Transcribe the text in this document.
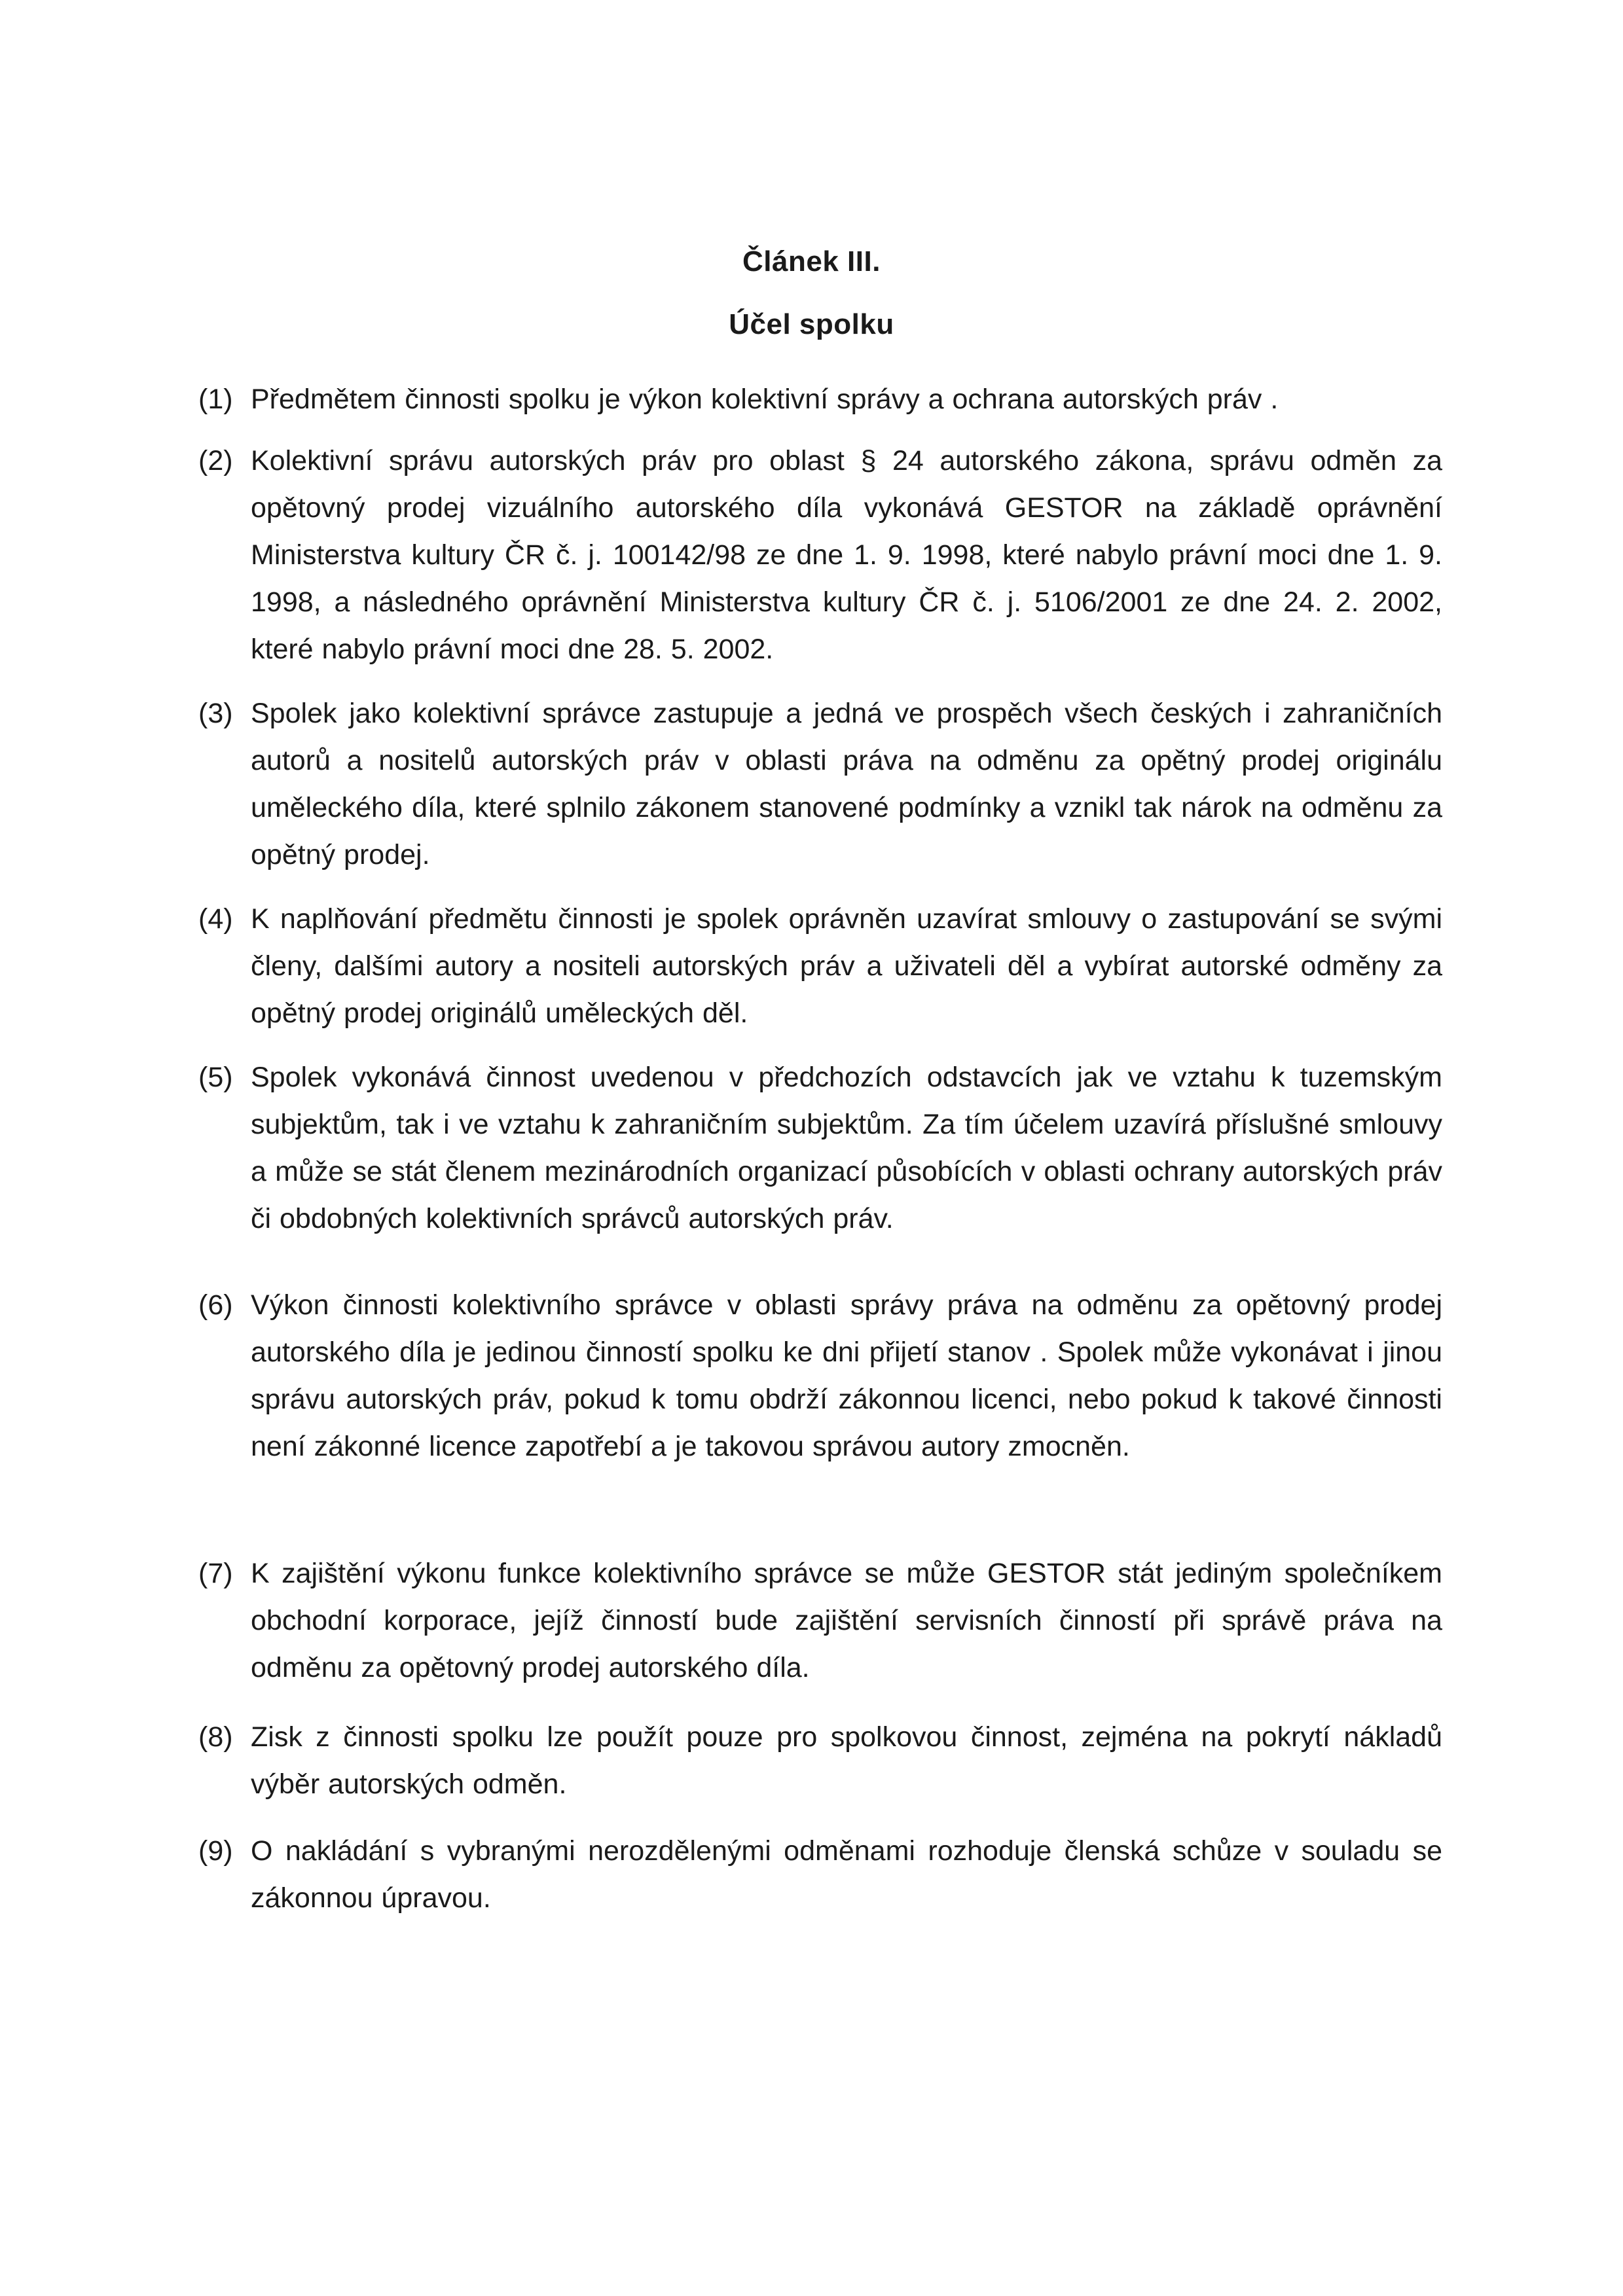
Článek III.
Účel spolku
(1) Předmětem činnosti spolku je výkon kolektivní správy a ochrana autorských práv .
(2) Kolektivní správu autorských práv pro oblast § 24 autorského zákona, správu odměn za opětovný prodej vizuálního autorského díla vykonává GESTOR na základě oprávnění Ministerstva kultury ČR č. j. 100142/98 ze dne 1. 9. 1998, které nabylo právní moci dne 1. 9. 1998, a následného oprávnění Ministerstva kultury ČR č. j. 5106/2001 ze dne 24. 2. 2002, které nabylo právní moci dne 28. 5. 2002.
(3) Spolek jako kolektivní správce zastupuje a jedná ve prospěch všech českých i zahraničních autorů a nositelů autorských práv v oblasti práva na odměnu za opětný prodej originálu uměleckého díla, které splnilo zákonem stanovené podmínky a vznikl tak nárok na odměnu za opětný prodej.
(4) K naplňování předmětu činnosti je spolek oprávněn uzavírat smlouvy o zastupování se svými členy, dalšími autory a nositeli autorských práv a uživateli děl a vybírat autorské odměny za opětný prodej originálů uměleckých děl.
(5) Spolek vykonává činnost uvedenou v předchozích odstavcích jak ve vztahu k tuzemským subjektům, tak i ve vztahu k zahraničním subjektům. Za tím účelem uzavírá příslušné smlouvy a může se stát členem mezinárodních organizací působících v oblasti ochrany autorských práv či obdobných kolektivních správců autorských práv.
(6) Výkon činnosti kolektivního správce v oblasti správy práva na odměnu za opětovný prodej autorského díla je jedinou činností spolku ke dni přijetí stanov . Spolek může vykonávat i jinou správu autorských práv, pokud k tomu obdrží zákonnou licenci, nebo pokud k takové činnosti není zákonné licence zapotřebí a je takovou správou autory zmocněn.
(7) K zajištění výkonu funkce kolektivního správce se může GESTOR stát jediným společníkem obchodní korporace, jejíž činností bude zajištění servisních činností při správě práva na odměnu za opětovný prodej autorského díla.
(8) Zisk z činnosti spolku lze použít pouze pro spolkovou činnost, zejména na pokrytí nákladů výběr autorských odměn.
(9) O nakládání s vybranými nerozdělenými odměnami rozhoduje členská schůze v souladu se zákonnou úpravou.
